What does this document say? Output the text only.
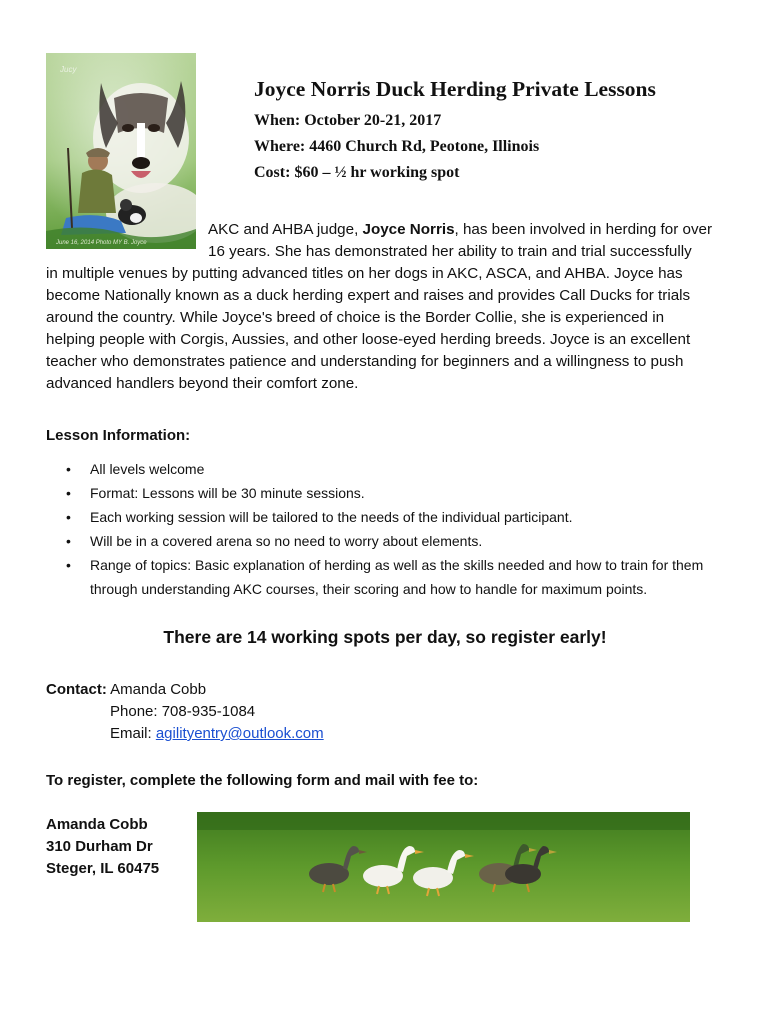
Jucy
June 16, 2014 Photo MY B. Joyce
Joyce Norris Duck Herding Private Lessons
When: October 20-21, 2017
Where: 4460 Church Rd, Peotone, Illinois
Cost: $60 – ½ hr working spot
AKC and AHBA judge, Joyce Norris, has been involved in herding for over
16 years. She has demonstrated her ability to train and trial successfully
in multiple venues by putting advanced titles on her dogs in AKC, ASCA, and AHBA. Joyce has
become Nationally known as a duck herding expert and raises and provides Call Ducks for trials
around the country. While Joyce's breed of choice is the Border Collie, she is experienced in
helping people with Corgis, Aussies, and other loose-eyed herding breeds. Joyce is an excellent
teacher who demonstrates patience and understanding for beginners and a willingness to push
advanced handlers beyond their comfort zone.
Lesson Information:
• All levels welcome
• Format: Lessons will be 30 minute sessions.
• Each working session will be tailored to the needs of the individual participant.
• Will be in a covered arena so no need to worry about elements.
• Range of topics: Basic explanation of herding as well as the skills needed and how to train for them through understanding AKC courses, their scoring and how to handle for maximum points.
There are 14 working spots per day, so register early!
Contact: Amanda Cobb
Phone: 708-935-1084
Email: agilityentry@outlook.com
To register, complete the following form and mail with fee to:
Amanda Cobb
310 Durham Dr
Steger, IL 60475
